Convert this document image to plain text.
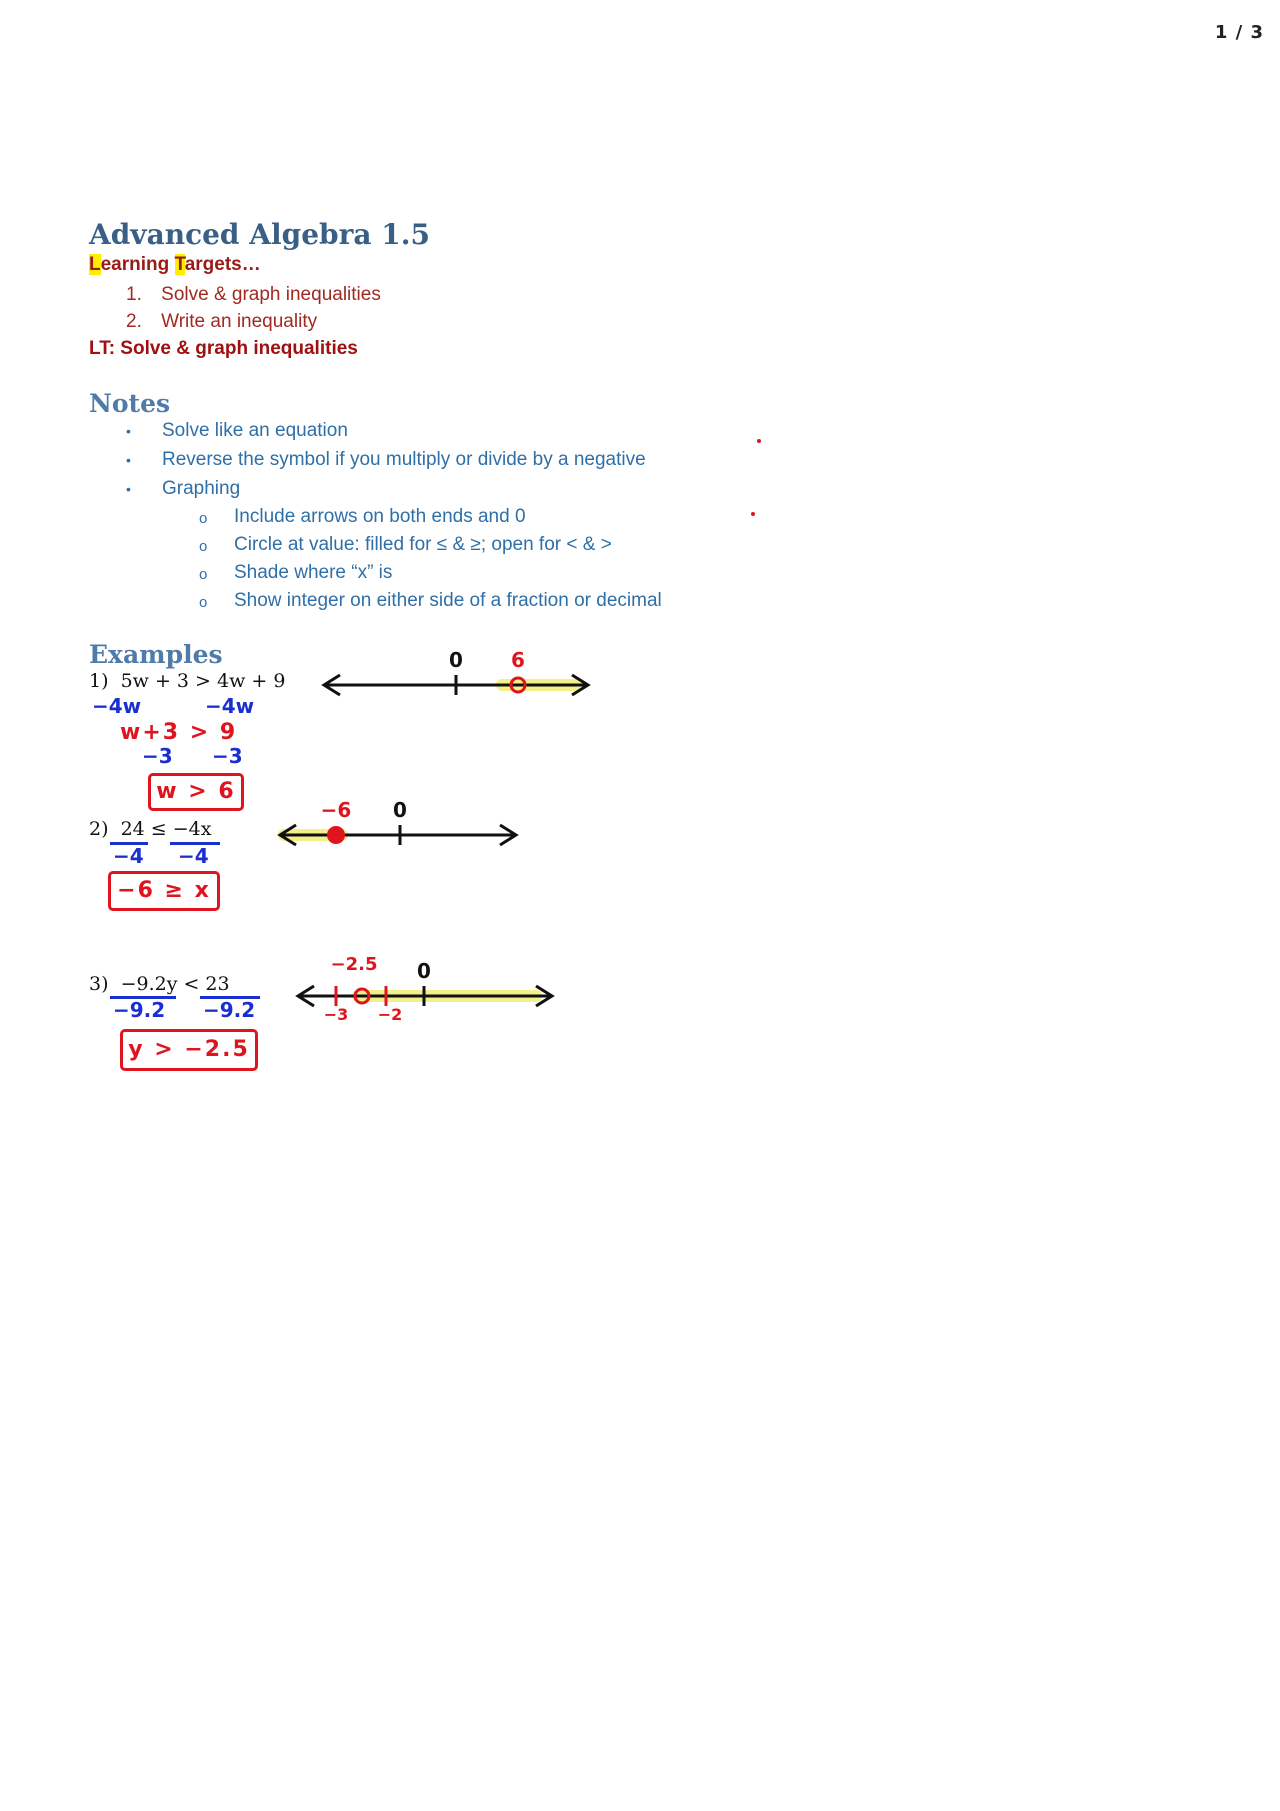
1 / 3
Advanced Algebra 1.5
Learning Targets…
1. Solve & graph inequalities
2. Write an inequality
LT: Solve & graph inequalities
Notes
• Solve like an equation
• Reverse the symbol if you multiply or divide by a negative
• Graphing
o Include arrows on both ends and 0
o Circle at value: filled for ≤ & ≥; open for < & >
o Shade where “x” is
o Show integer on either side of a fraction or decimal
Examples
1) 5w + 3 > 4w + 9
−4w	−4w
w+3 > 9
−3 −3
w > 6
0 6
2) 24 ≤ −4x
−4 −4
−6 ≥ x
0
−6
3) −9.2y < 23
−9.2 −9.2
y > −2.5
0
−2.5
−3 −2
